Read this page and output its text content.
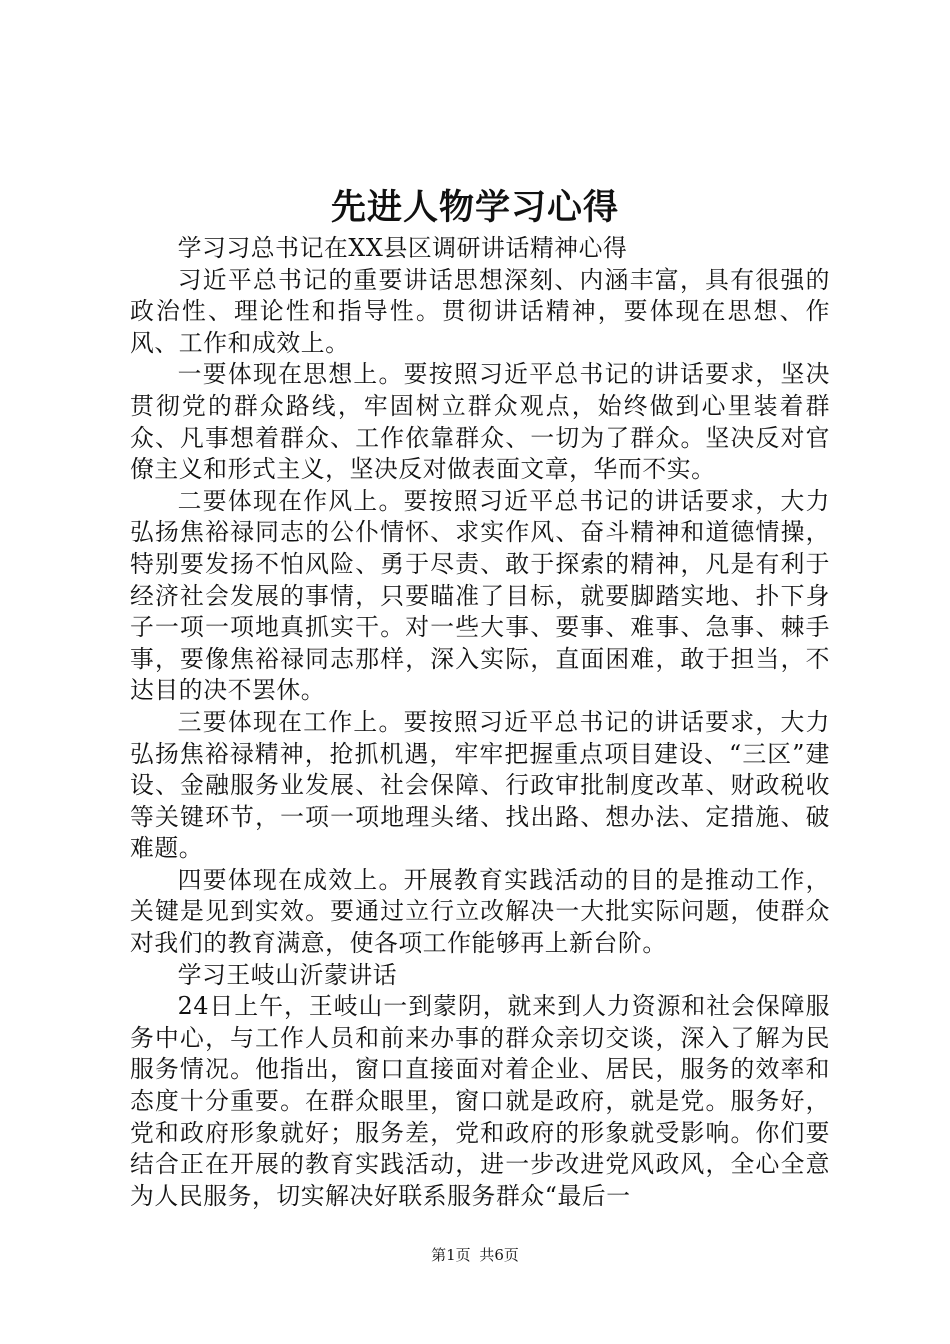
先进人物学习心得

学习习总书记在XX县区调研讲话精神心得

习近平总书记的重要讲话思想深刻、内涵丰富，具有很强的政治性、理论性和指导性。贯彻讲话精神，要体现在思想、作风、工作和成效上。

一要体现在思想上。要按照习近平总书记的讲话要求，坚决贯彻党的群众路线，牢固树立群众观点，始终做到心里装着群众、凡事想着群众、工作依靠群众、一切为了群众。坚决反对官僚主义和形式主义，坚决反对做表面文章，华而不实。

二要体现在作风上。要按照习近平总书记的讲话要求，大力弘扬焦裕禄同志的公仆情怀、求实作风、奋斗精神和道德情操，特别要发扬不怕风险、勇于尽责、敢于探索的精神，凡是有利于经济社会发展的事情，只要瞄准了目标，就要脚踏实地、扑下身子一项一项地真抓实干。对一些大事、要事、难事、急事、棘手事，要像焦裕禄同志那样，深入实际，直面困难，敢于担当，不达目的决不罢休。

三要体现在工作上。要按照习近平总书记的讲话要求，大力弘扬焦裕禄精神，抢抓机遇，牢牢把握重点项目建设、“三区”建设、金融服务业发展、社会保障、行政审批制度改革、财政税收等关键环节，一项一项地理头绪、找出路、想办法、定措施、破难题。

四要体现在成效上。开展教育实践活动的目的是推动工作，关键是见到实效。要通过立行立改解决一大批实际问题，使群众对我们的教育满意，使各项工作能够再上新台阶。

学习王岐山沂蒙讲话

24日上午，王岐山一到蒙阴，就来到人力资源和社会保障服务中心，与工作人员和前来办事的群众亲切交谈，深入了解为民服务情况。他指出，窗口直接面对着企业、居民，服务的效率和态度十分重要。在群众眼里，窗口就是政府，就是党。服务好，党和政府形象就好；服务差，党和政府的形象就受影响。你们要结合正在开展的教育实践活动，进一步改进党风政风，全心全意为人民服务，切实解决好联系服务群众“最后一

第1页 共6页
